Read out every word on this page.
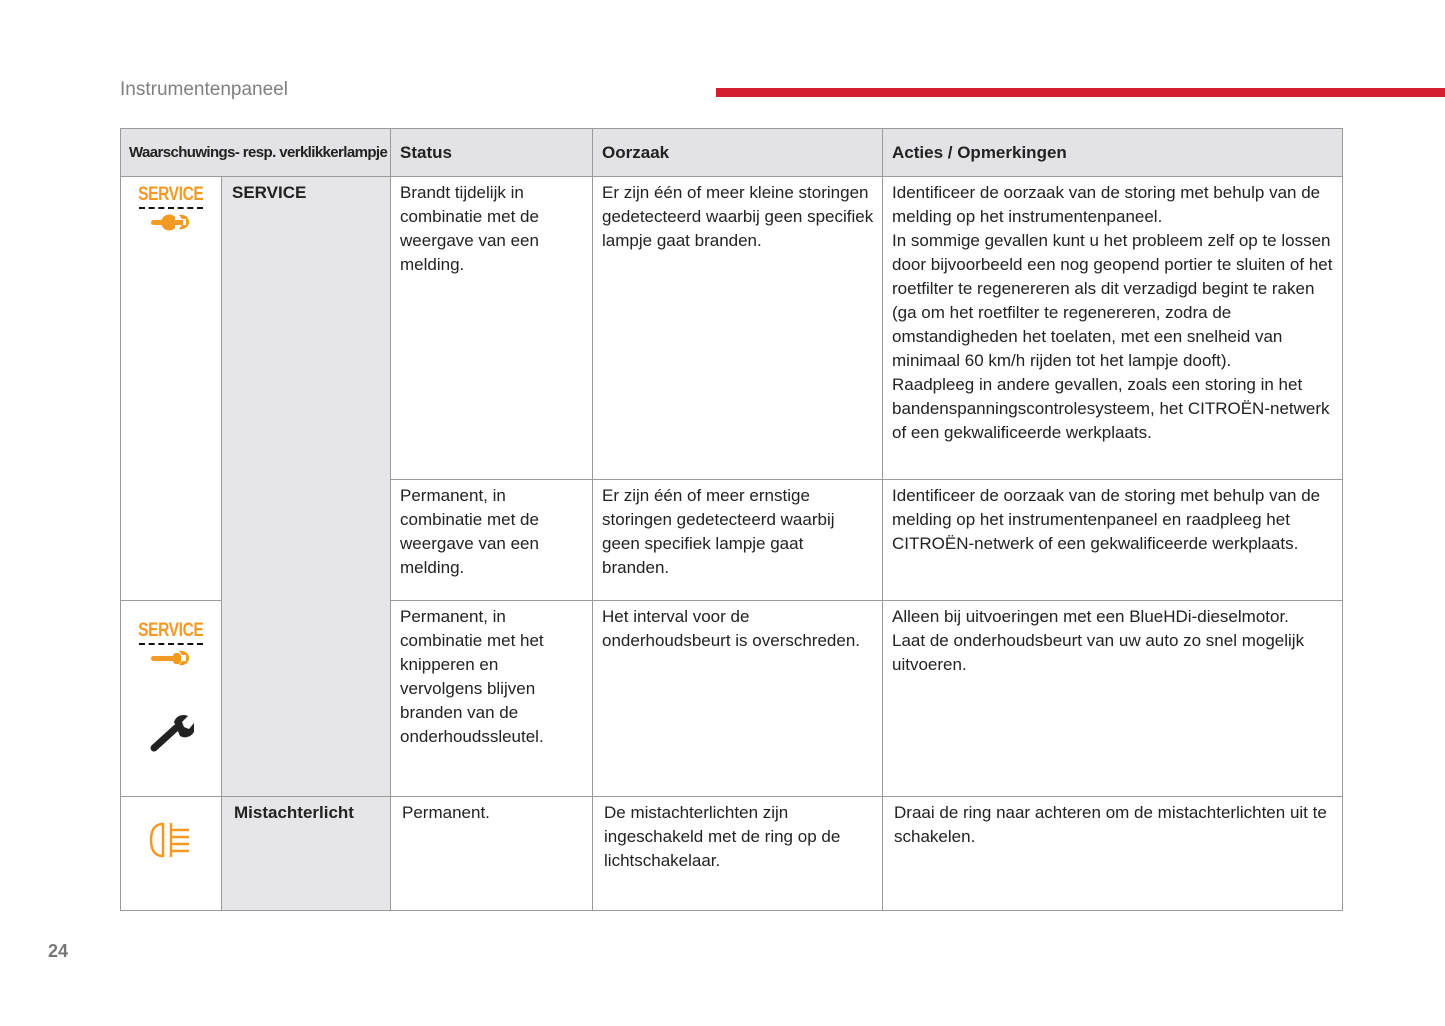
Instrumentenpaneel
Waarschuwings- resp. verklikkerlampje		Status	Oorzaak	Acties / Opmerkingen

SERVICE	SERVICE	Brandt tijdelijk in combinatie met de weergave van een melding.	Er zijn één of meer kleine storingen gedetecteerd waarbij geen specifiek lampje gaat branden.	Identificeer de oorzaak van de storing met behulp van de melding op het instrumentenpaneel.
In sommige gevallen kunt u het probleem zelf op te lossen door bijvoorbeeld een nog geopend portier te sluiten of het roetfilter te regenereren als dit verzadigd begint te raken (ga om het roetfilter te regenereren, zodra de omstandigheden het toelaten, met een snelheid van minimaal 60 km/h rijden tot het lampje dooft).
Raadpleeg in andere gevallen, zoals een storing in het bandenspanningscontrolesysteem, het CITROËN-netwerk of een gekwalificeerde werkplaats.
		Permanent, in combinatie met de weergave van een melding.	Er zijn één of meer ernstige storingen gedetecteerd waarbij geen specifiek lampje gaat branden.	Identificeer de oorzaak van de storing met behulp van de melding op het instrumentenpaneel en raadpleeg het CITROËN-netwerk of een gekwalificeerde werkplaats.

SERVICE		Permanent, in combinatie met het knipperen en vervolgens blijven branden van de onderhoudssleutel.	Het interval voor de onderhoudsbeurt is overschreden.	Alleen bij uitvoeringen met een BlueHDi-dieselmotor.
Laat de onderhoudsbeurt van uw auto zo snel mogelijk uitvoeren.
	Mistachterlicht	Permanent.	De mistachterlichten zijn ingeschakeld met de ring op de lichtschakelaar.	Draai de ring naar achteren om de mistachterlichten uit te schakelen.
24
